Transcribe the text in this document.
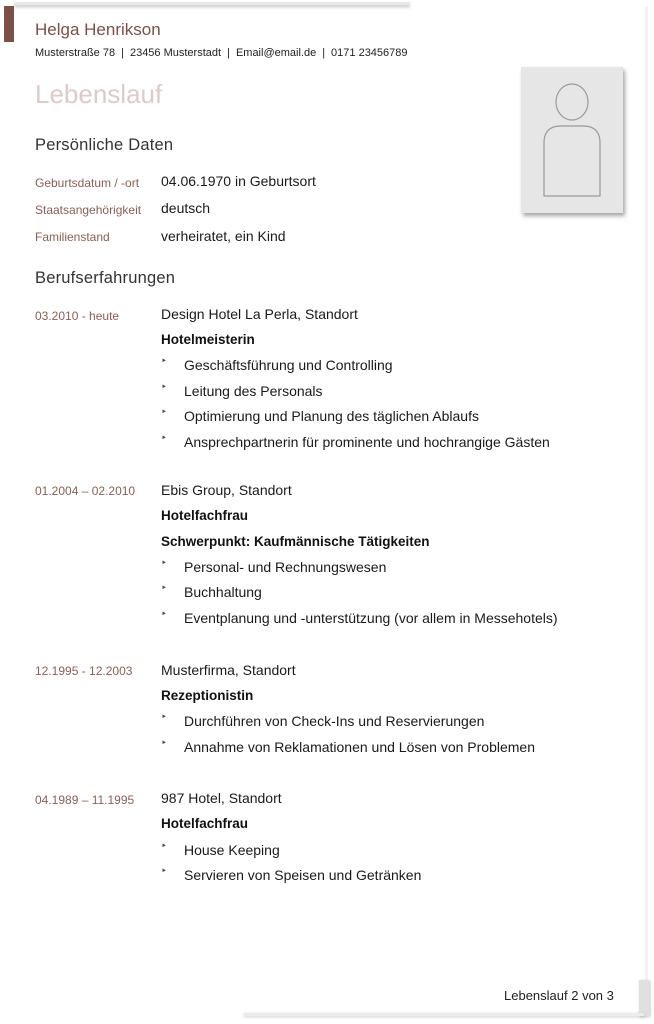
Helga Henrikson
Musterstraße 78 | 23456 Musterstadt | Email@email.de | 0171 23456789
Lebenslauf
Persönliche Daten
Geburtsdatum / -ort 04.06.1970 in Geburtsort
Staatsangehörigkeit deutsch
Familienstand	verheiratet, ein Kind
Berufserfahrungen
03.2010 - heute	Design Hotel La Perla, Standort
Hotelmeisterin
‣ Geschäftsführung und Controlling
‣ Leitung des Personals
‣ Optimierung und Planung des täglichen Ablaufs
‣ Ansprechpartnerin für prominente und hochrangige Gästen
01.2004 – 02.2010 Ebis Group, Standort
Hotelfachfrau
Schwerpunkt: Kaufmännische Tätigkeiten
‣ Personal- und Rechnungswesen
‣ Buchhaltung
‣ Eventplanung und -unterstützung (vor allem in Messehotels)
12.1995 - 12.2003 Musterfirma, Standort
Rezeptionistin
‣ Durchführen von Check-Ins und Reservierungen
‣ Annahme von Reklamationen und Lösen von Problemen
04.1989 – 11.1995 987 Hotel, Standort
Hotelfachfrau
‣ House Keeping
‣ Servieren von Speisen und Getränken
Lebenslauf 2 von 3
